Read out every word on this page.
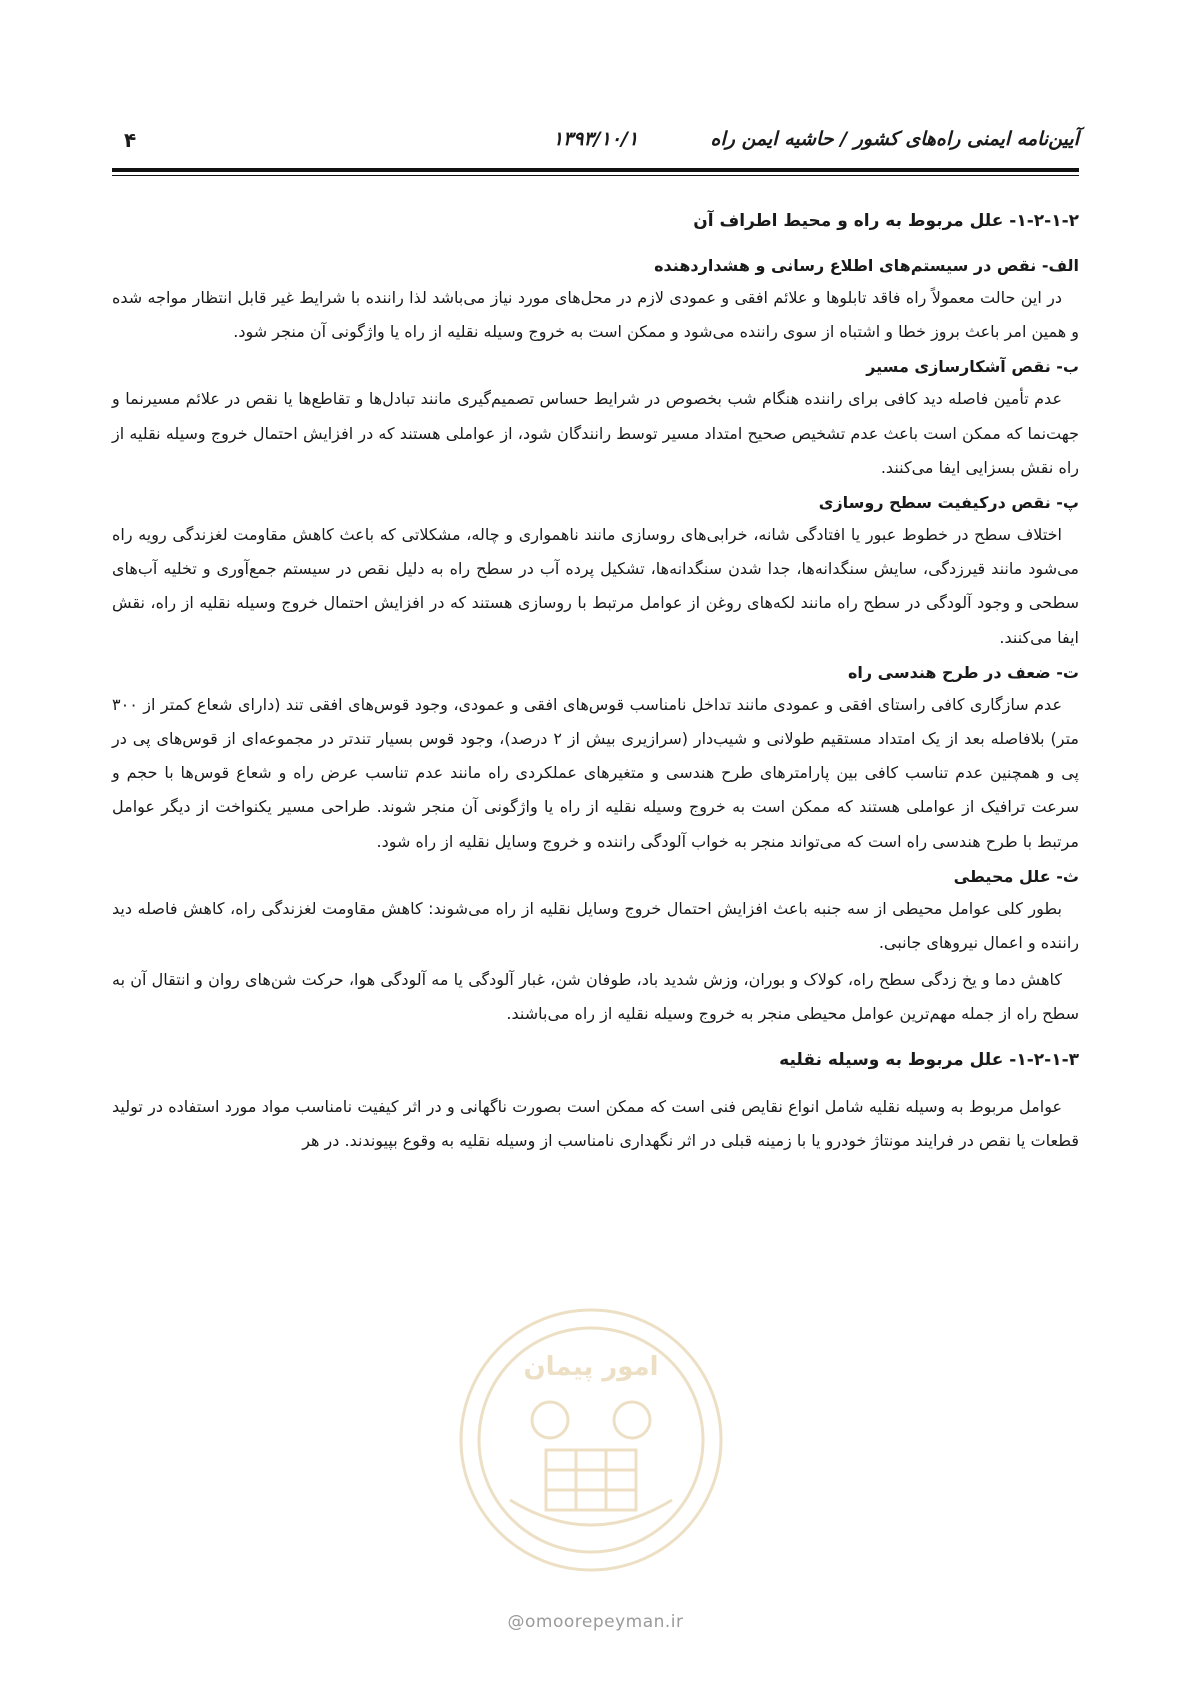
۴	۱۳۹۳/۱۰/۱	آیین‌نامه ایمنی راه‌های کشور / حاشیه ایمن راه
۱-۲-۱-۲- علل مربوط به راه و محیط اطراف آن
الف- نقص در سیستم‌های اطلاع رسانی و هشداردهنده

در این حالت معمولاً راه فاقد تابلوها و علائم افقی و عمودی لازم در محل‌های مورد نیاز می‌باشد لذا راننده با شرایط غیر قابل انتظار مواجه شده و همین امر باعث بروز خطا و اشتباه از سوی راننده می‌شود و ممکن است به خروج وسیله نقلیه از راه یا واژگونی آن منجر شود.

ب- نقص آشکارسازی مسیر

عدم تأمین فاصله دید کافی برای راننده هنگام شب بخصوص در شرایط حساس تصمیم‌گیری مانند تبادل‌ها و تقاطع‌ها یا نقص در علائم مسیرنما و جهت‌نما که ممکن است باعث عدم تشخیص صحیح امتداد مسیر توسط رانندگان شود، از عواملی هستند که در افزایش احتمال خروج وسیله نقلیه از راه نقش بسزایی ایفا می‌کنند.

پ- نقص درکیفیت سطح روسازی

اختلاف سطح در خطوط عبور یا افتادگی شانه، خرابی‌های روسازی مانند ناهمواری و چاله، مشکلاتی که باعث کاهش مقاومت لغزندگی رویه راه می‌شود مانند قیرزدگی، سایش سنگدانه‌ها، جدا شدن سنگدانه‌ها، تشکیل پرده آب در سطح راه به دلیل نقص در سیستم جمع‌آوری و تخلیه آب‌های سطحی و وجود آلودگی در سطح راه مانند لکه‌های روغن از عوامل مرتبط با روسازی هستند که در افزایش احتمال خروج وسیله نقلیه از راه، نقش ایفا می‌کنند.

ت- ضعف در طرح هندسی راه

عدم سازگاری کافی راستای افقی و عمودی مانند تداخل نامناسب قوس‌های افقی و عمودی، وجود قوس‌های افقی تند (دارای شعاع کمتر از ۳۰۰ متر) بلافاصله بعد از یک امتداد مستقیم طولانی و شیب‌دار (سرازیری بیش از ۲ درصد)، وجود قوس بسیار تندتر در مجموعه‌ای از قوس‌های پی در پی و همچنین عدم تناسب کافی بین پارامترهای طرح هندسی و متغیرهای عملکردی راه مانند عدم تناسب عرض راه و شعاع قوس‌ها با حجم و سرعت ترافیک از عواملی هستند که ممکن است به خروج وسیله نقلیه از راه یا واژگونی آن منجر شوند. طراحی مسیر یکنواخت از دیگر عوامل مرتبط با طرح هندسی راه است که می‌تواند منجر به خواب آلودگی راننده و خروج وسایل نقلیه از راه شود.

ث- علل محیطی

بطور کلی عوامل محیطی از سه جنبه باعث افزایش احتمال خروج وسایل نقلیه از راه می‌شوند: کاهش مقاومت لغزندگی راه، کاهش فاصله دید راننده و اعمال نیروهای جانبی.

کاهش دما و یخ زدگی سطح راه، کولاک و بوران، وزش شدید باد، طوفان شن، غبار آلودگی یا مه آلودگی هوا، حرکت شن‌های روان و انتقال آن به سطح راه از جمله مهم‌ترین عوامل محیطی منجر به خروج وسیله نقلیه از راه می‌باشند.

۱-۲-۱-۳- علل مربوط به وسیله نقلیه

عوامل مربوط به وسیله نقلیه شامل انواع نقایص فنی است که ممکن است بصورت ناگهانی و در اثر کیفیت نامناسب مواد مورد استفاده در تولید قطعات یا نقص در فرایند مونتاژ خودرو یا با زمینه قبلی در اثر نگهداری نامناسب از وسیله نقلیه به وقوع بپیوندند. در هر

امور پیمان
@omoorepeyman.ir
